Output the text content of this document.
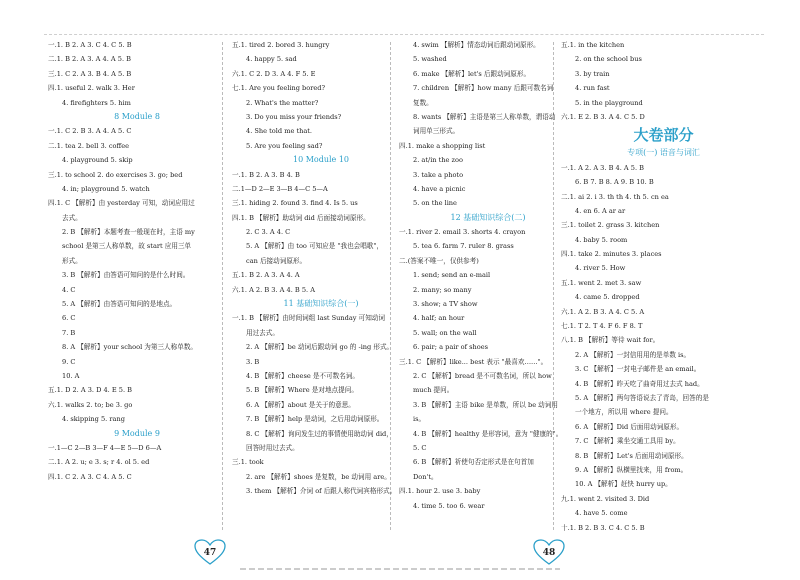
一.1. B 2. A 3. C 4. C 5. B
二.1. B 2. A 3. A 4. A 5. B
三.1. C 2. A 3. B 4. A 5. B
四.1. useful 2. walk 3. Her
4. firefighters 5. him
8 Module 8
一.1. C 2. B 3. A 4. A 5. C
二.1. tea 2. bell 3. coffee
4. playground 5. skip
三.1. to school 2. do exercises 3. go; bed
4. in; playground 5. watch
四.1. C 【解析】由 yesterday 可知，动词应用过
去式。
2. B 【解析】本题考查一般现在时，主语 my
school 是第三人称单数，故 start 应用三单
形式。
3. B 【解析】由答语可知问的是什么时间。
4. C
5. A 【解析】由答语可知问的是地点。
6. C
7. B
8. A 【解析】your school 为第三人称单数。
9. C
10. A
五.1. D 2. A 3. D 4. E 5. B
六.1. walks 2. to; be 3. go
4. skipping 5. rang
9 Module 9
一.1—C 2—B 3—F 4—E 5—D 6—A
二.1. A 2. u; e 3. s; r 4. ol 5. ed
四.1. C 2. A 3. C 4. A 5. C
五.1. tired 2. bored 3. hungry
4. happy 5. sad
六.1. C 2. D 3. A 4. F 5. E
七.1. Are you feeling bored?
2. What's the matter?
3. Do you miss your friends?
4. She told me that.
5. Are you feeling sad?
10 Module 10
一.1. B 2. A 3. B 4. B
二.1—D 2—E 3—B 4—C 5—A
三.1. hiding 2. found 3. find 4. Is 5. us
四.1. B 【解析】助动词 did 后面接动词原形。
2. C 3. A 4. C
5. A 【解析】由 too 可知应是 "我也会唱歌"，
can 后接动词原形。
五.1. B 2. A 3. A 4. A
六.1. A 2. B 3. A 4. B 5. A
11 基础知识综合(一)
一.1. B 【解析】由时间词组 last Sunday 可知动词
用过去式。
2. A 【解析】be 动词后跟动词 go 的 -ing 形式。
3. B
4. B 【解析】cheese 是不可数名词。
5. B 【解析】Where 是对地点提问。
6. A 【解析】about 是关于的意思。
7. B 【解析】help 是动词，之后用动词原形。
8. C 【解析】询问发生过的事情使用助动词 did，
回答时用过去式。
三.1. took
2. are 【解析】shoes 是复数，be 动词用 are。
3. them 【解析】介词 of 后跟人称代词宾格形式。
4. swim 【解析】情态动词后跟动词原形。
5. washed
6. make 【解析】let's 后跟动词原形。
7. children 【解析】how many 后跟可数名词
复数。
8. wants 【解析】主语是第三人称单数，谓语动
词用单三形式。
四.1. make a shopping list
2. at/in the zoo
3. take a photo
4. have a picnic
5. on the line
12 基础知识综合(二)
一.1. river 2. email 3. shorts 4. crayon
5. tea 6. farm 7. ruler 8. grass
二.(答案不唯一，仅供参考)
1. send; send an e-mail
2. many; so many
3. show; a TV show
4. half; an hour
5. wall; on the wall
6. pair; a pair of shoes
三.1. C 【解析】like... best 表示 "最喜欢……"。
2. C 【解析】bread 是不可数名词，所以 how
much 提问。
3. B 【解析】主语 bike 是单数，所以 be 动词用
is。
4. B 【解析】healthy 是形容词，意为 "健康的"。
5. C
6. B 【解析】祈使句否定形式是在句首加
Don't。
四.1. hour 2. use 3. baby
4. time 5. too 6. wear
五.1. in the kitchen
2. on the school bus
3. by train
4. run fast
5. in the playground
六.1. E 2. B 3. A 4. C 5. D
大卷部分
专项(一) 语音与词汇
一.1. A 2. A 3. B 4. A 5. B
6. B 7. B 8. A 9. B 10. B
二.1. ai 2. i 3. th th 4. th 5. cn ea
4. en 6. A ar ar
三.1. toilet 2. grass 3. kitchen
4. baby 5. room
四.1. take 2. minutes 3. places
4. river 5. How
五.1. went 2. met 3. saw
4. came 5. dropped
六.1. A 2. B 3. A 4. C 5. A
七.1. T 2. T 4. F 6. F 8. T
八.1. B 【解析】等待 wait for。
2. A 【解析】一封信用用的是单数 is。
3. C 【解析】一封电子邮件是 an email。
4. B 【解析】昨天吃了曲奇用过去式 had。
5. A 【解析】两句答语说去了青岛，回答的是
一个地方，所以用 where 提问。
6. A 【解析】Did 后面用动词原形。
7. C 【解析】乘坐交通工具用 by。
8. B 【解析】Let's 后面用动词原形。
9. A 【解析】纵横里找来，用 from。
10. A 【解析】赶快 hurry up。
九.1. went 2. visited 3. Did
4. have 5. come
十.1. B 2. B 3. C 4. C 5. B
47	48
